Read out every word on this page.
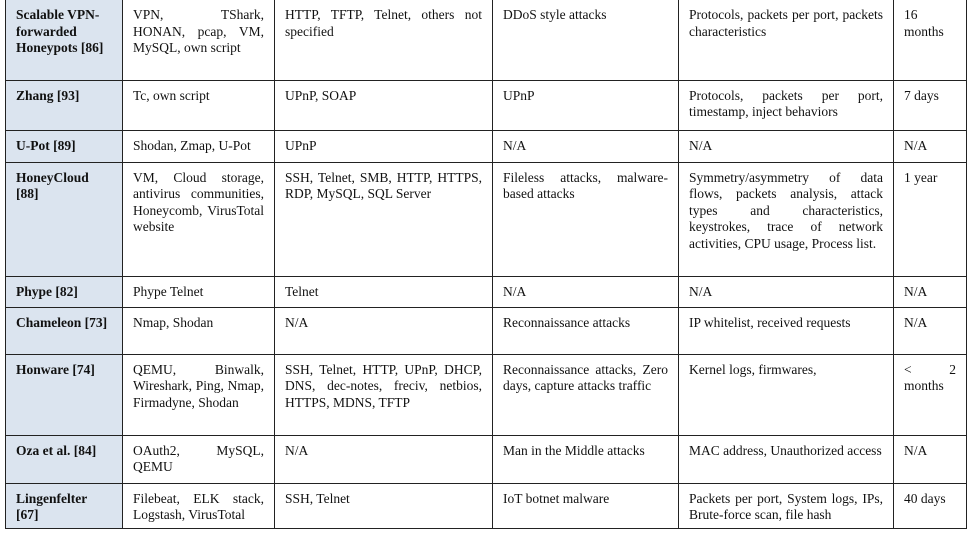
Scalable VPN-forwarded Honeypots [86]	VPN, TShark, HONAN, pcap, VM, MySQL, own script	HTTP, TFTP, Telnet, others not specified	DDoS style attacks	Protocols, packets per port, packets characteristics	16 months
Zhang [93]	Tc, own script	UPnP, SOAP	UPnP	Protocols, packets per port, timestamp, inject behaviors	7 days
U-Pot [89]	Shodan, Zmap, U-Pot	UPnP	N/A	N/A	N/A
HoneyCloud [88]	VM, Cloud storage, antivirus communities, Honeycomb, VirusTotal website	SSH, Telnet, SMB, HTTP, HTTPS, RDP, MySQL, SQL Server	Fileless attacks, malware-based attacks	Symmetry/asymmetry of data flows, packets analysis, attack types and characteristics, keystrokes, trace of network activities, CPU usage, Process list.	1 year
Phype [82]	Phype Telnet	Telnet	N/A	N/A	N/A
Chameleon [73]	Nmap, Shodan	N/A	Reconnaissance attacks	IP whitelist, received requests	N/A
Honware [74]	QEMU, Binwalk, Wireshark, Ping, Nmap, Firmadyne, Shodan	SSH, Telnet, HTTP, UPnP, DHCP, DNS, dec-notes, freciv, netbios, HTTPS, MDNS, TFTP	Reconnaissance attacks, Zero days, capture attacks traffic	Kernel logs, firmwares,	< 2 months
Oza et al. [84]	OAuth2, MySQL, QEMU	N/A	Man in the Middle attacks	MAC address, Unauthorized access	N/A
Lingenfelter [67]	Filebeat, ELK stack, Logstash, VirusTotal	SSH, Telnet	IoT botnet malware	Packets per port, System logs, IPs, Brute-force scan, file hash	40 days
